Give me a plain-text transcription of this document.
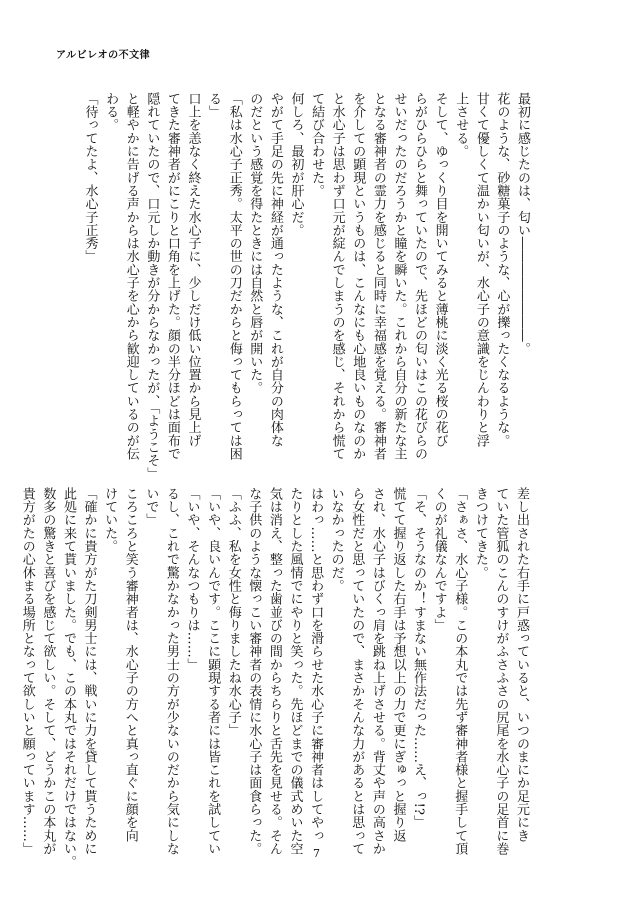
アルビレオの不文律
最初に感じたのは、匂い――――――――。
花のような、砂糖菓子のような、心が擽ったくなるような。
甘くて優しくて温かい匂いが、水心子の意識をじんわりと浮
上させる。
そして、ゆっくり目を開いてみると薄桃に淡く光る桜の花び
らがひらひらと舞っていたので、先ほどの匂いはこの花びらの
せいだったのだろうかと瞳を瞬いた。これから自分の新たな主
となる審神者の霊力を感じると同時に幸福感を覚える。審神者
を介しての顕現というものは、こんなにも心地良いものなのか
と水心子は思わず口元が綻んでしまうのを感じ、それから慌て
て結び合わせた。
何しろ、最初が肝心だ。
やがて手足の先に神経が通ったような、これが自分の肉体な
のだという感覚を得たときには自然と唇が開いた。
「私は水心子正秀。太平の世の刀だからと侮ってもらっては困
る」
口上を恙なく終えた水心子に、少しだけ低い位置から見上げ
てきた審神者がにこりと口角を上げた。顔の半分ほどは面布で
隠れていたので、口元しか動きが分からなかったが、「ようこそ」
と軽やかに告げる声からは水心子を心から歓迎しているのが伝
わる。
「待ってたよ、水心子正秀」
差し出された右手に戸惑っていると、いつのまにか足元にき
ていた管狐のこんのすけがふさふさの尻尾を水心子の足首に巻
きつけてきた。
「さぁさ、水心子様。この本丸では先ず審神者様と握手して頂
くのが礼儀なんですよ」
「そ、そうなのか！すまない無作法だった……え、っ!?」
慌てて握り返した右手は予想以上の力で更にぎゅっと握り返
され、水心子はびくっ肩を跳ね上げさせる。背丈や声の高さか
ら女性だと思っていたので、まさかそんな力があるとは思って
いなかったのだ。
はわっ……と思わず口を滑らせた水心子に審神者はしてやっ
たりとした風情でにやりと笑った。先ほどまでの儀式めいた空
気は消え、整った歯並びの間からちらりと舌先を見せる。そん
な子供のような懐っこい審神者の表情に水心子は面食らった。
「ふふ、私を女性と侮りましたね水心子」
「いや、良いんです。ここに顕現する者には皆これを試してい
「いや、そんなつもりは……」
るし、これで驚かなかった男士の方が少ないのだから気にしな
いで」
ころころと笑う審神者は、水心子の方へと真っ直ぐに顔を向
けていた。
「確かに貴方がた刀剣男士には、戦いに力を貸して貰うために
此処に来て貰いました。でも、この本丸ではそれだけではない。
数多の驚きと喜びを感じて欲しい。そして、どうかこの本丸が
貴方がたの心休まる場所となって欲しいと願っています……」	7
